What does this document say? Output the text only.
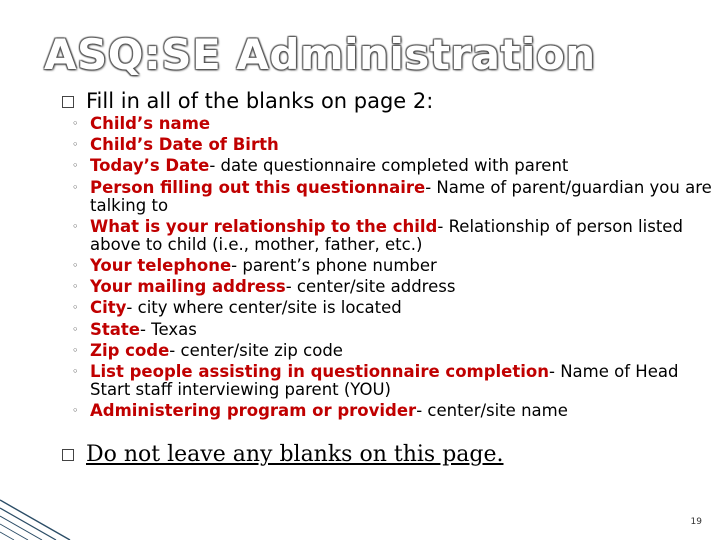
ASQ:SE Administration
Fill in all of the blanks on page 2:
◦ Child’s name
◦ Child’s Date of Birth
◦ Today’s Date- date questionnaire completed with parent
◦ Person filling out this questionnaire- Name of parent/guardian you are talking to
◦ What is your relationship to the child- Relationship of person listed above to child (i.e., mother, father, etc.)
◦ Your telephone- parent’s phone number
◦ Your mailing address- center/site address
◦ City- city where center/site is located
◦ State- Texas
◦ Zip code- center/site zip code
◦ List people assisting in questionnaire completion- Name of Head Start staff interviewing parent (YOU)
◦ Administering program or provider- center/site name
Do not leave any blanks on this page.
19
